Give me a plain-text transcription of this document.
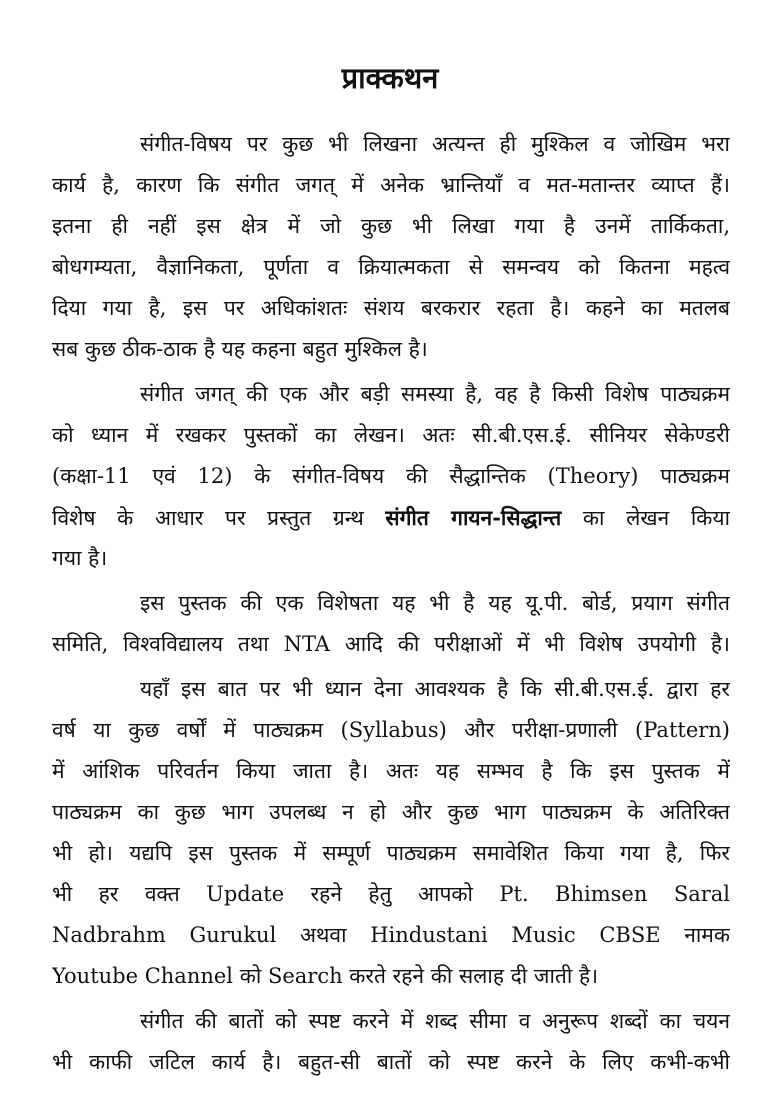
प्राक्कथन
संगीत-विषय पर कुछ भी लिखना अत्यन्त ही मुश्किल व जोखिम भरा
कार्य है, कारण कि संगीत जगत् में अनेक भ्रान्तियाँ व मत-मतान्तर व्याप्त हैं।
इतना ही नहीं इस क्षेत्र में जो कुछ भी लिखा गया है उनमें तार्किकता,
बोधगम्यता, वैज्ञानिकता, पूर्णता व क्रियात्मकता से समन्वय को कितना महत्व
दिया गया है, इस पर अधिकांशतः संशय बरकरार रहता है। कहने का मतलब
सब कुछ ठीक-ठाक है यह कहना बहुत मुश्किल है।
संगीत जगत् की एक और बड़ी समस्या है, वह है किसी विशेष पाठ्यक्रम
को ध्यान में रखकर पुस्तकों का लेखन। अतः सी.बी.एस.ई. सीनियर सेकेण्डरी
(कक्षा-11 एवं 12) के संगीत-विषय की सैद्धान्तिक (Theory) पाठ्यक्रम
विशेष के आधार पर प्रस्तुत ग्रन्थ संगीत गायन-सिद्धान्त का लेखन किया
गया है।
इस पुस्तक की एक विशेषता यह भी है यह यू.पी. बोर्ड, प्रयाग संगीत
समिति, विश्वविद्यालय तथा NTA आदि की परीक्षाओं में भी विशेष उपयोगी है।
यहाँ इस बात पर भी ध्यान देना आवश्यक है कि सी.बी.एस.ई. द्वारा हर
वर्ष या कुछ वर्षों में पाठ्यक्रम (Syllabus) और परीक्षा-प्रणाली (Pattern)
में आंशिक परिवर्तन किया जाता है। अतः यह सम्भव है कि इस पुस्तक में
पाठ्यक्रम का कुछ भाग उपलब्ध न हो और कुछ भाग पाठ्यक्रम के अतिरिक्त
भी हो। यद्यपि इस पुस्तक में सम्पूर्ण पाठ्यक्रम समावेशित किया गया है, फिर
भी हर वक्त Update रहने हेतु आपको Pt. Bhimsen Saral
Nadbrahm Gurukul अथवा Hindustani Music CBSE नामक
Youtube Channel को Search करते रहने की सलाह दी जाती है।
संगीत की बातों को स्पष्ट करने में शब्द सीमा व अनुरूप शब्दों का चयन
भी काफी जटिल कार्य है। बहुत-सी बातों को स्पष्ट करने के लिए कभी-कभी
